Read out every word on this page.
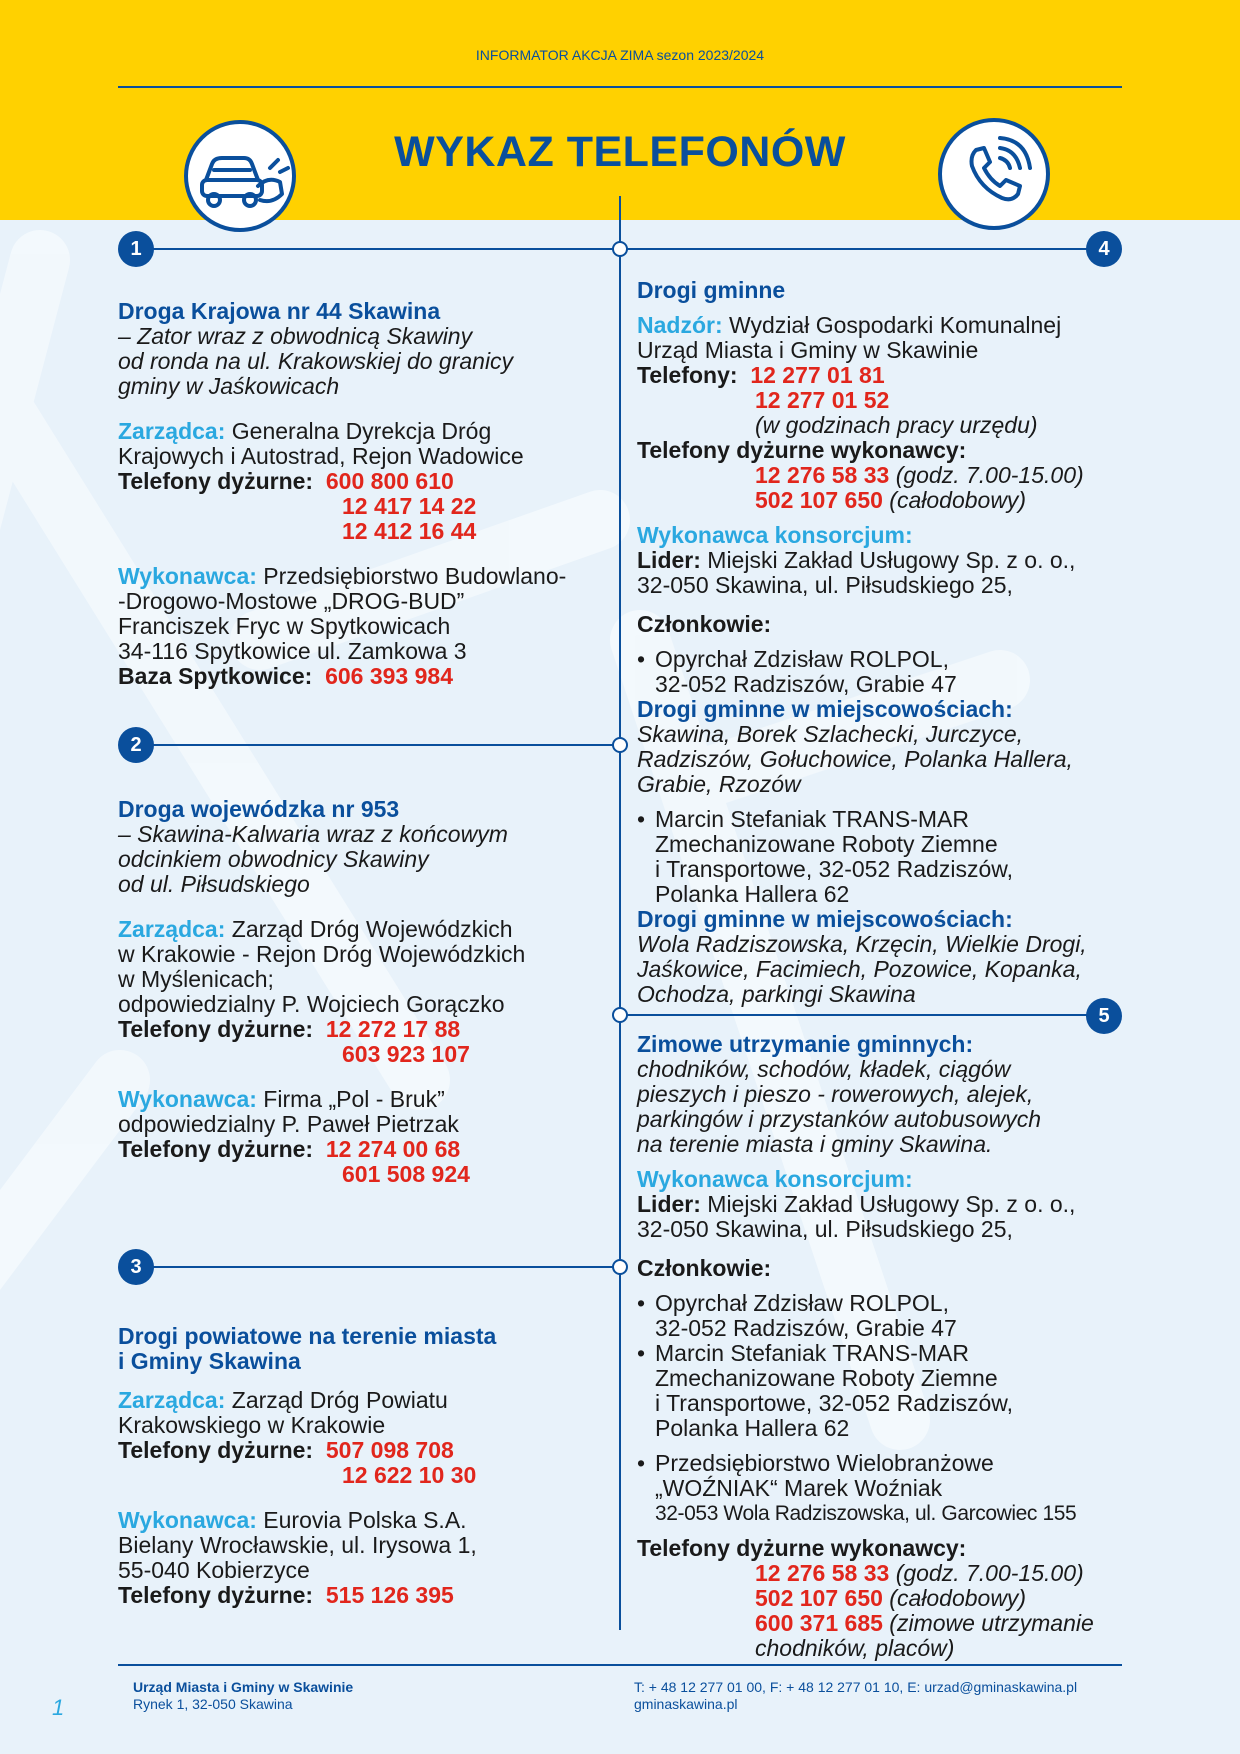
INFORMATOR AKCJA ZIMA sezon 2023/2024
WYKAZ TELEFONÓW
1
2
3
4
5
Droga Krajowa nr 44 Skawina
– Zator wraz z obwodnicą Skawiny
od ronda na ul. Krakowskiej do granicy
gminy w Jaśkowicach
Zarządca: Generalna Dyrekcja Dróg
Krajowych i Autostrad, Rejon Wadowice
Telefony dyżurne: 600 800 610
12 417 14 22
12 412 16 44
Wykonawca: Przedsiębiorstwo Budowlano-
-Drogowo-Mostowe „DROG-BUD”
Franciszek Fryc w Spytkowicach
34-116 Spytkowice ul. Zamkowa 3
Baza Spytkowice: 606 393 984
Droga wojewódzka nr 953
– Skawina-Kalwaria wraz z końcowym
odcinkiem obwodnicy Skawiny
od ul. Piłsudskiego
Zarządca: Zarząd Dróg Wojewódzkich
w Krakowie - Rejon Dróg Wojewódzkich
w Myślenicach;
odpowiedzialny P. Wojciech Gorączko
Telefony dyżurne: 12 272 17 88
603 923 107
Wykonawca: Firma „Pol - Bruk”
odpowiedzialny P. Paweł Pietrzak
Telefony dyżurne: 12 274 00 68
601 508 924
Drogi powiatowe na terenie miasta
i Gminy Skawina
Zarządca: Zarząd Dróg Powiatu
Krakowskiego w Krakowie
Telefony dyżurne: 507 098 708
12 622 10 30
Wykonawca: Eurovia Polska S.A.
Bielany Wrocławskie, ul. Irysowa 1,
55-040 Kobierzyce
Telefony dyżurne: 515 126 395
Drogi gminne
Nadzór: Wydział Gospodarki Komunalnej
Urząd Miasta i Gminy w Skawinie
Telefony: 12 277 01 81
12 277 01 52
(w godzinach pracy urzędu)
Telefony dyżurne wykonawcy:
12 276 58 33 (godz. 7.00-15.00)
502 107 650 (całodobowy)
Wykonawca konsorcjum:
Lider: Miejski Zakład Usługowy Sp. z o. o.,
32-050 Skawina, ul. Piłsudskiego 25,
Członkowie:
• Opyrchał Zdzisław ROLPOL,
32-052 Radziszów, Grabie 47
Drogi gminne w miejscowościach:
Skawina, Borek Szlachecki, Jurczyce,
Radziszów, Gołuchowice, Polanka Hallera,
Grabie, Rzozów
• Marcin Stefaniak TRANS-MAR
Zmechanizowane Roboty Ziemne
i Transportowe, 32-052 Radziszów,
Polanka Hallera 62
Drogi gminne w miejscowościach:
Wola Radziszowska, Krzęcin, Wielkie Drogi,
Jaśkowice, Facimiech, Pozowice, Kopanka,
Ochodza, parkingi Skawina
Zimowe utrzymanie gminnych:
chodników, schodów, kładek, ciągów
pieszych i pieszo - rowerowych, alejek,
parkingów i przystanków autobusowych
na terenie miasta i gminy Skawina.
Wykonawca konsorcjum:
Lider: Miejski Zakład Usługowy Sp. z o. o.,
32-050 Skawina, ul. Piłsudskiego 25,
Członkowie:
• Opyrchał Zdzisław ROLPOL,
32-052 Radziszów, Grabie 47
• Marcin Stefaniak TRANS-MAR
Zmechanizowane Roboty Ziemne
i Transportowe, 32-052 Radziszów,
Polanka Hallera 62
• Przedsiębiorstwo Wielobranżowe
„WOŹNIAK“ Marek Woźniak
32-053 Wola Radziszowska, ul. Garcowiec 155
Telefony dyżurne wykonawcy:
12 276 58 33 (godz. 7.00-15.00)
502 107 650 (całodobowy)
600 371 685 (zimowe utrzymanie
chodników, placów)
Urząd Miasta i Gminy w Skawinie
Rynek 1, 32-050 Skawina
T: + 48 12 277 01 00, F: + 48 12 277 01 10, E: urzad@gminaskawina.pl
gminaskawina.pl
1
